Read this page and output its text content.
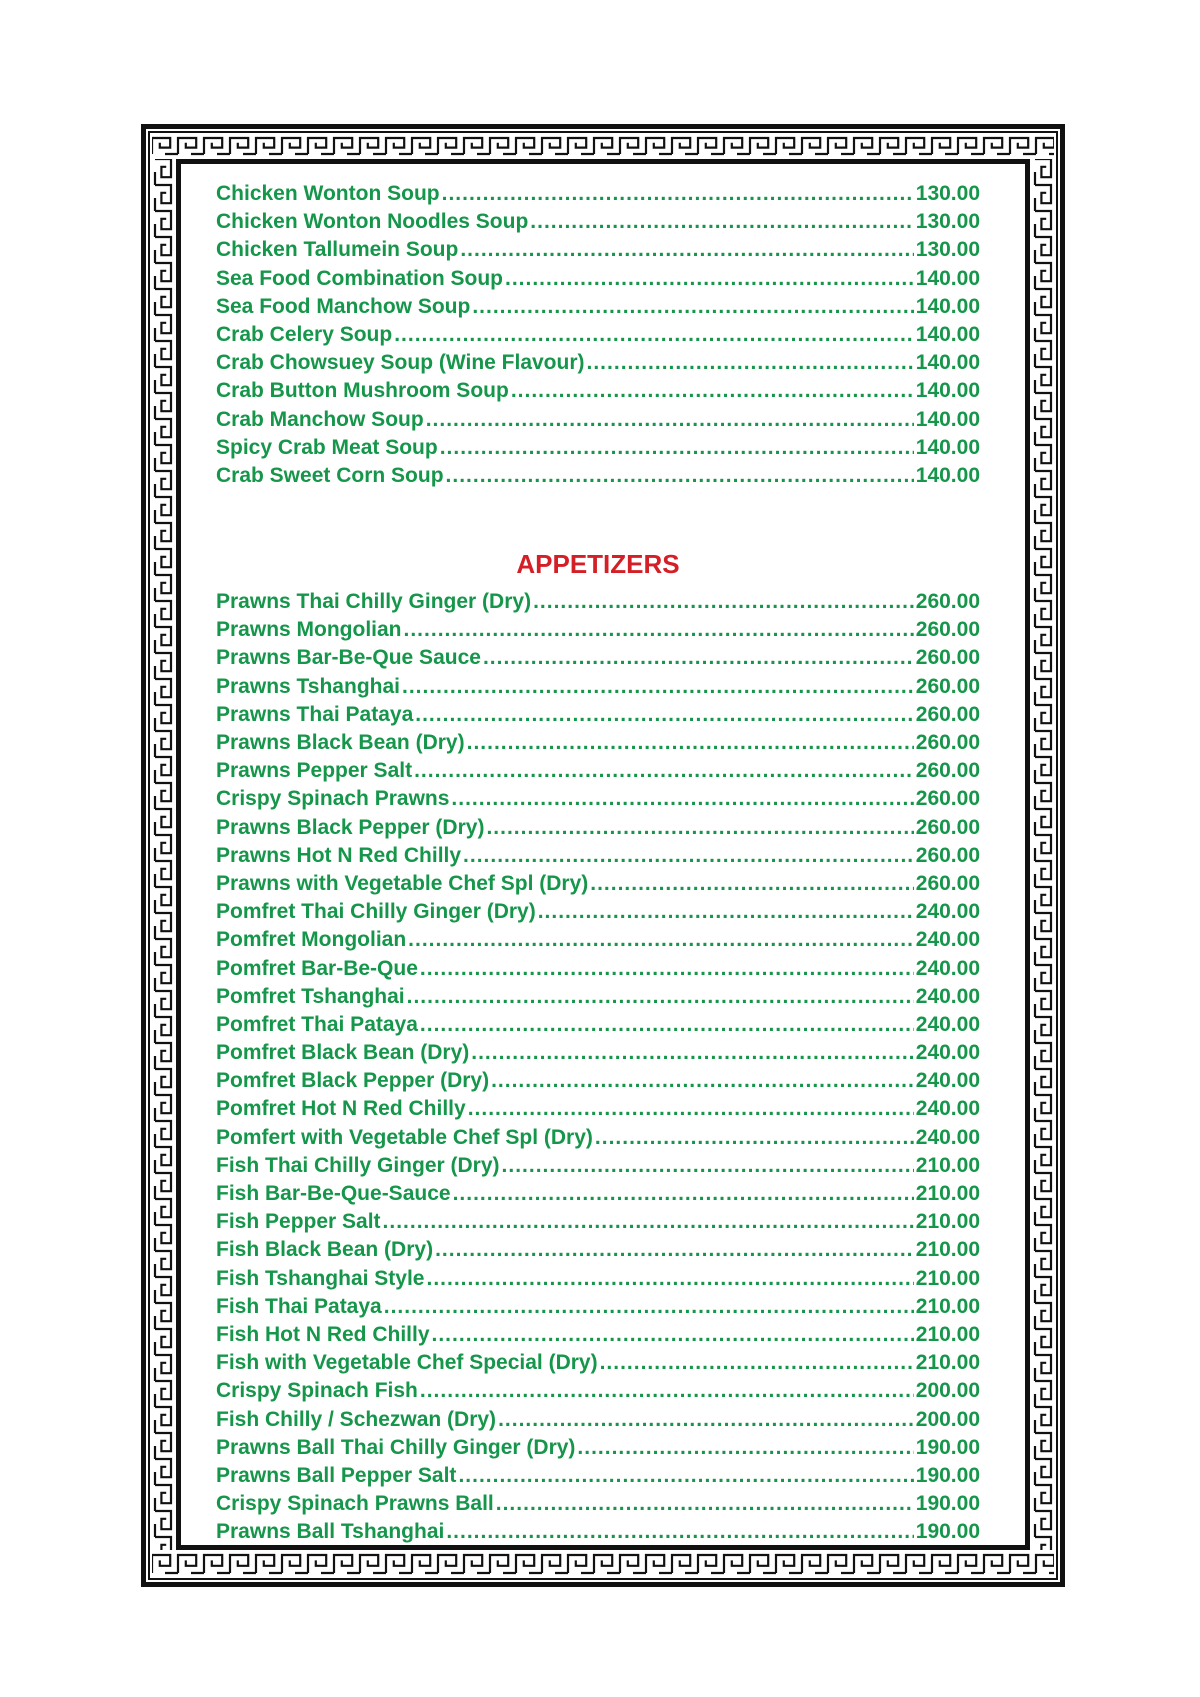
Chicken Wonton Soup .....	130.00
Chicken Wonton Noodles Soup .....	130.00
Chicken Tallumein Soup .....	130.00
Sea Food Combination Soup .....	140.00
Sea Food Manchow Soup .....	140.00
Crab Celery Soup .....	140.00
Crab Chowsuey Soup (Wine Flavour) .....	140.00
Crab Button Mushroom Soup .....	140.00
Crab Manchow Soup .....	140.00
Spicy Crab Meat Soup .....	140.00
Crab Sweet Corn Soup .....	140.00
APPETIZERS
Prawns Thai Chilly Ginger (Dry) .....	260.00
Prawns Mongolian .....	260.00
Prawns Bar-Be-Que Sauce .....	260.00
Prawns Tshanghai .....	260.00
Prawns Thai Pataya .....	260.00
Prawns Black Bean (Dry) .....	260.00
Prawns Pepper Salt .....	260.00
Crispy Spinach Prawns .....	260.00
Prawns Black Pepper (Dry) .....	260.00
Prawns Hot N Red Chilly .....	260.00
Prawns with Vegetable Chef Spl (Dry) .....	260.00
Pomfret Thai Chilly Ginger (Dry) .....	240.00
Pomfret Mongolian .....	240.00
Pomfret Bar-Be-Que .....	240.00
Pomfret Tshanghai .....	240.00
Pomfret Thai Pataya .....	240.00
Pomfret Black Bean (Dry) .....	240.00
Pomfret Black Pepper (Dry) .....	240.00
Pomfret Hot N Red Chilly .....	240.00
Pomfert with Vegetable Chef Spl (Dry) .....	240.00
Fish Thai Chilly Ginger (Dry) .....	210.00
Fish Bar-Be-Que-Sauce .....	210.00
Fish Pepper Salt .....	210.00
Fish Black Bean (Dry) .....	210.00
Fish Tshanghai Style .....	210.00
Fish Thai Pataya .....	210.00
Fish Hot N Red Chilly .....	210.00
Fish with Vegetable Chef Special (Dry) .....	210.00
Crispy Spinach Fish .....	200.00
Fish Chilly / Schezwan (Dry) .....	200.00
Prawns Ball Thai Chilly Ginger (Dry) .....	190.00
Prawns Ball Pepper Salt .....	190.00
Crispy Spinach Prawns Ball .....	190.00
Prawns Ball Tshanghai .....	190.00
